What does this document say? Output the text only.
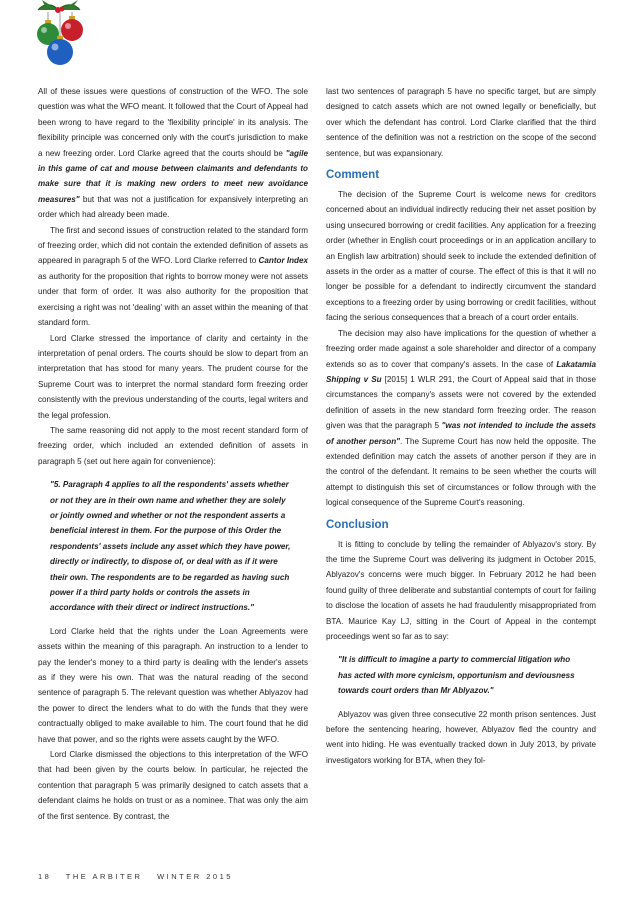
All of these issues were questions of construction of the WFO. The sole question was what the WFO meant. It followed that the Court of Appeal had been wrong to have regard to the 'flexibility principle' in its analysis. The flexibility principle was concerned only with the court's jurisdiction to make a new freezing order. Lord Clarke agreed that the courts should be "agile in this game of cat and mouse between claimants and defendants to make sure that it is making new orders to meet new avoidance measures" but that was not a justification for expansively interpreting an order which had already been made.

The first and second issues of construction related to the standard form of freezing order, which did not contain the extended definition of assets as appeared in paragraph 5 of the WFO. Lord Clarke referred to Cantor Index as authority for the proposition that rights to borrow money were not assets under that form of order. It was also authority for the proposition that exercising a right was not 'dealing' with an asset within the meaning of that standard form.

Lord Clarke stressed the importance of clarity and certainty in the interpretation of penal orders. The courts should be slow to depart from an interpretation that has stood for many years. The prudent course for the Supreme Court was to interpret the normal standard form freezing order consistently with the previous understanding of the courts, legal writers and the legal profession.

The same reasoning did not apply to the most recent standard form of freezing order, which included an extended definition of assets in paragraph 5 (set out here again for convenience):

"5. Paragraph 4 applies to all the respondents' assets whether or not they are in their own name and whether they are solely or jointly owned and whether or not the respondent asserts a beneficial interest in them. For the purpose of this Order the respondents' assets include any asset which they have power, directly or indirectly, to dispose of, or deal with as if it were their own. The respondents are to be regarded as having such power if a third party holds or controls the assets in accordance with their direct or indirect instructions."

Lord Clarke held that the rights under the Loan Agreements were assets within the meaning of this paragraph. An instruction to a lender to pay the lender's money to a third party is dealing with the lender's assets as if they were his own. That was the natural reading of the second sentence of paragraph 5. The relevant question was whether Ablyazov had the power to direct the lenders what to do with the funds that they were contractually obliged to make available to him. The court found that he did have that power, and so the rights were assets caught by the WFO.

Lord Clarke dismissed the objections to this interpretation of the WFO that had been given by the courts below. In particular, he rejected the contention that paragraph 5 was primarily designed to catch assets that a defendant claims he holds on trust or as a nominee. That was only the aim of the first sentence. By contrast, the

last two sentences of paragraph 5 have no specific target, but are simply designed to catch assets which are not owned legally or beneficially, but over which the defendant has control. Lord Clarke clarified that the third sentence of the definition was not a restriction on the scope of the second sentence, but was expansionary.

Comment

The decision of the Supreme Court is welcome news for creditors concerned about an individual indirectly reducing their net asset position by using unsecured borrowing or credit facilities. Any application for a freezing order (whether in English court proceedings or in an application ancillary to an English law arbitration) should seek to include the extended definition of assets in the order as a matter of course. The effect of this is that it will no longer be possible for a defendant to indirectly circumvent the standard exceptions to a freezing order by using borrowing or credit facilities, without facing the serious consequences that a breach of a court order entails.

The decision may also have implications for the question of whether a freezing order made against a sole shareholder and director of a company extends so as to cover that company's assets. In the case of Lakatamia Shipping v Su [2015] 1 WLR 291, the Court of Appeal said that in those circumstances the company's assets were not covered by the extended definition of assets in the new standard form freezing order. The reason given was that the paragraph 5 "was not intended to include the assets of another person". The Supreme Court has now held the opposite. The extended definition may catch the assets of another person if they are in the control of the defendant. It remains to be seen whether the courts will attempt to distinguish this set of circumstances or follow through with the logical consequence of the Supreme Court's reasoning.

Conclusion

It is fitting to conclude by telling the remainder of Ablyazov's story. By the time the Supreme Court was delivering its judgment in October 2015, Ablyazov's concerns were much bigger. In February 2012 he had been found guilty of three deliberate and substantial contempts of court for failing to disclose the location of assets he had fraudulently misappropriated from BTA. Maurice Kay LJ, sitting in the Court of Appeal in the contempt proceedings went so far as to say:

"It is difficult to imagine a party to commercial litigation who has acted with more cynicism, opportunism and deviousness towards court orders than Mr Ablyazov."

Ablyazov was given three consecutive 22 month prison sentences. Just before the sentencing hearing, however, Ablyazov fled the country and went into hiding. He was eventually tracked down in July 2013, by private investigators working for BTA, when they fol-

18 THE ARBITER WINTER 2015
